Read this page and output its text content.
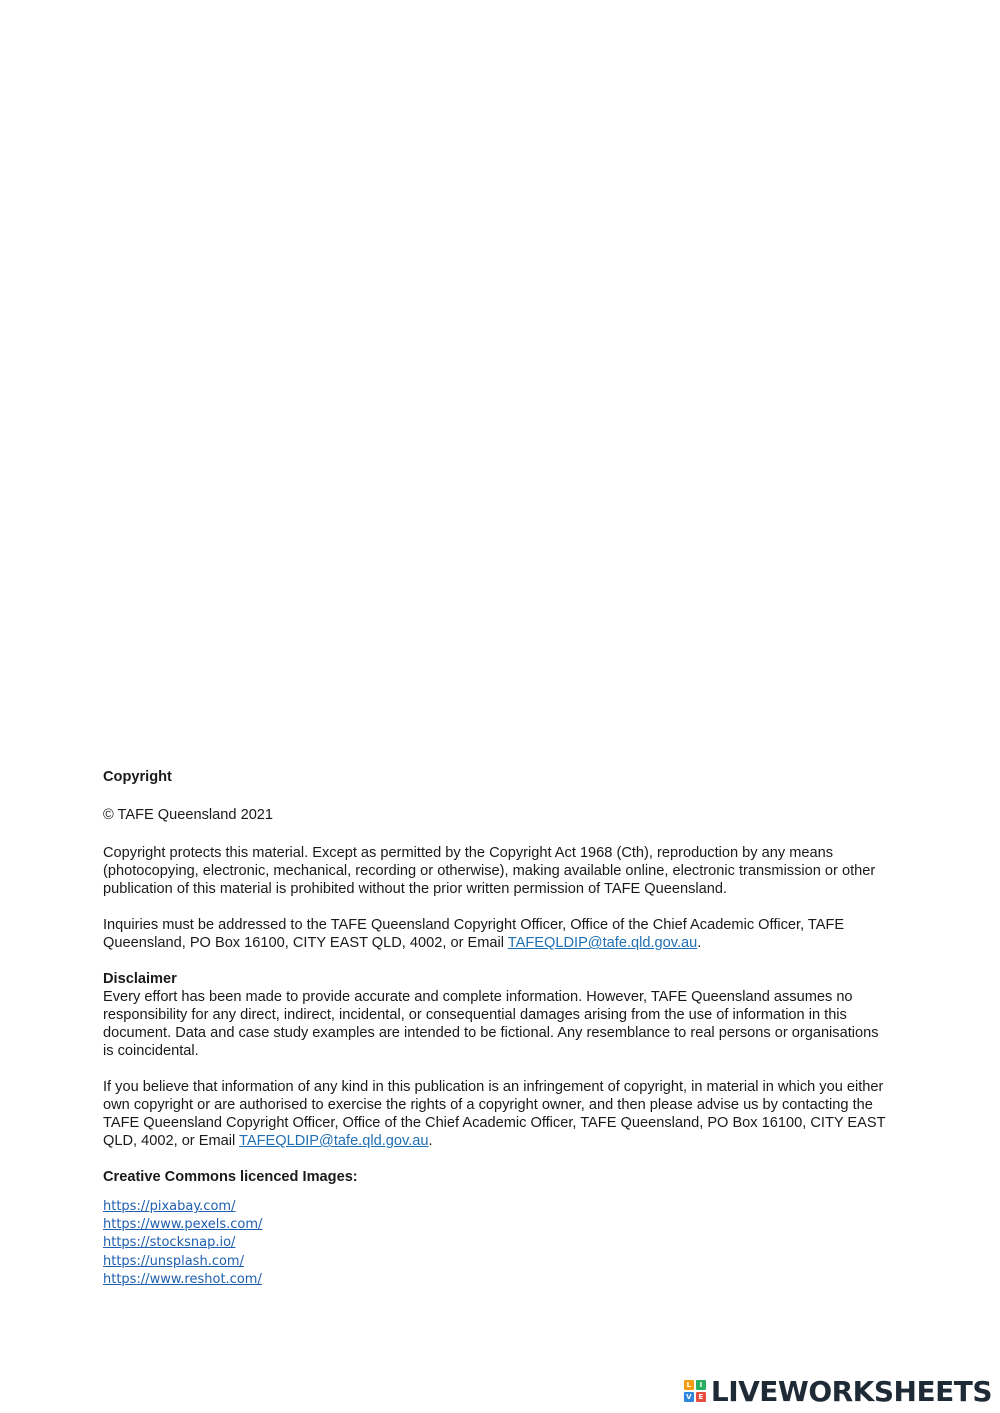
Copyright

© TAFE Queensland 2021

Copyright protects this material. Except as permitted by the Copyright Act 1968 (Cth), reproduction by any means (photocopying, electronic, mechanical, recording or otherwise), making available online, electronic transmission or other publication of this material is prohibited without the prior written permission of TAFE Queensland.

Inquiries must be addressed to the TAFE Queensland Copyright Officer, Office of the Chief Academic Officer, TAFE Queensland, PO Box 16100, CITY EAST QLD, 4002, or Email TAFEQLDIP@tafe.qld.gov.au.

Disclaimer

Every effort has been made to provide accurate and complete information. However, TAFE Queensland assumes no responsibility for any direct, indirect, incidental, or consequential damages arising from the use of information in this document. Data and case study examples are intended to be fictional. Any resemblance to real persons or organisations is coincidental.

If you believe that information of any kind in this publication is an infringement of copyright, in material in which you either own copyright or are authorised to exercise the rights of a copyright owner, and then please advise us by contacting the TAFE Queensland Copyright Officer, Office of the Chief Academic Officer, TAFE Queensland, PO Box 16100, CITY EAST QLD, 4002, or Email TAFEQLDIP@tafe.qld.gov.au.

Creative Commons licenced Images:

https://pixabay.com/
https://www.pexels.com/
https://stocksnap.io/
https://unsplash.com/
https://www.reshot.com/
L	I
V E LIVEWORKSHEETS
